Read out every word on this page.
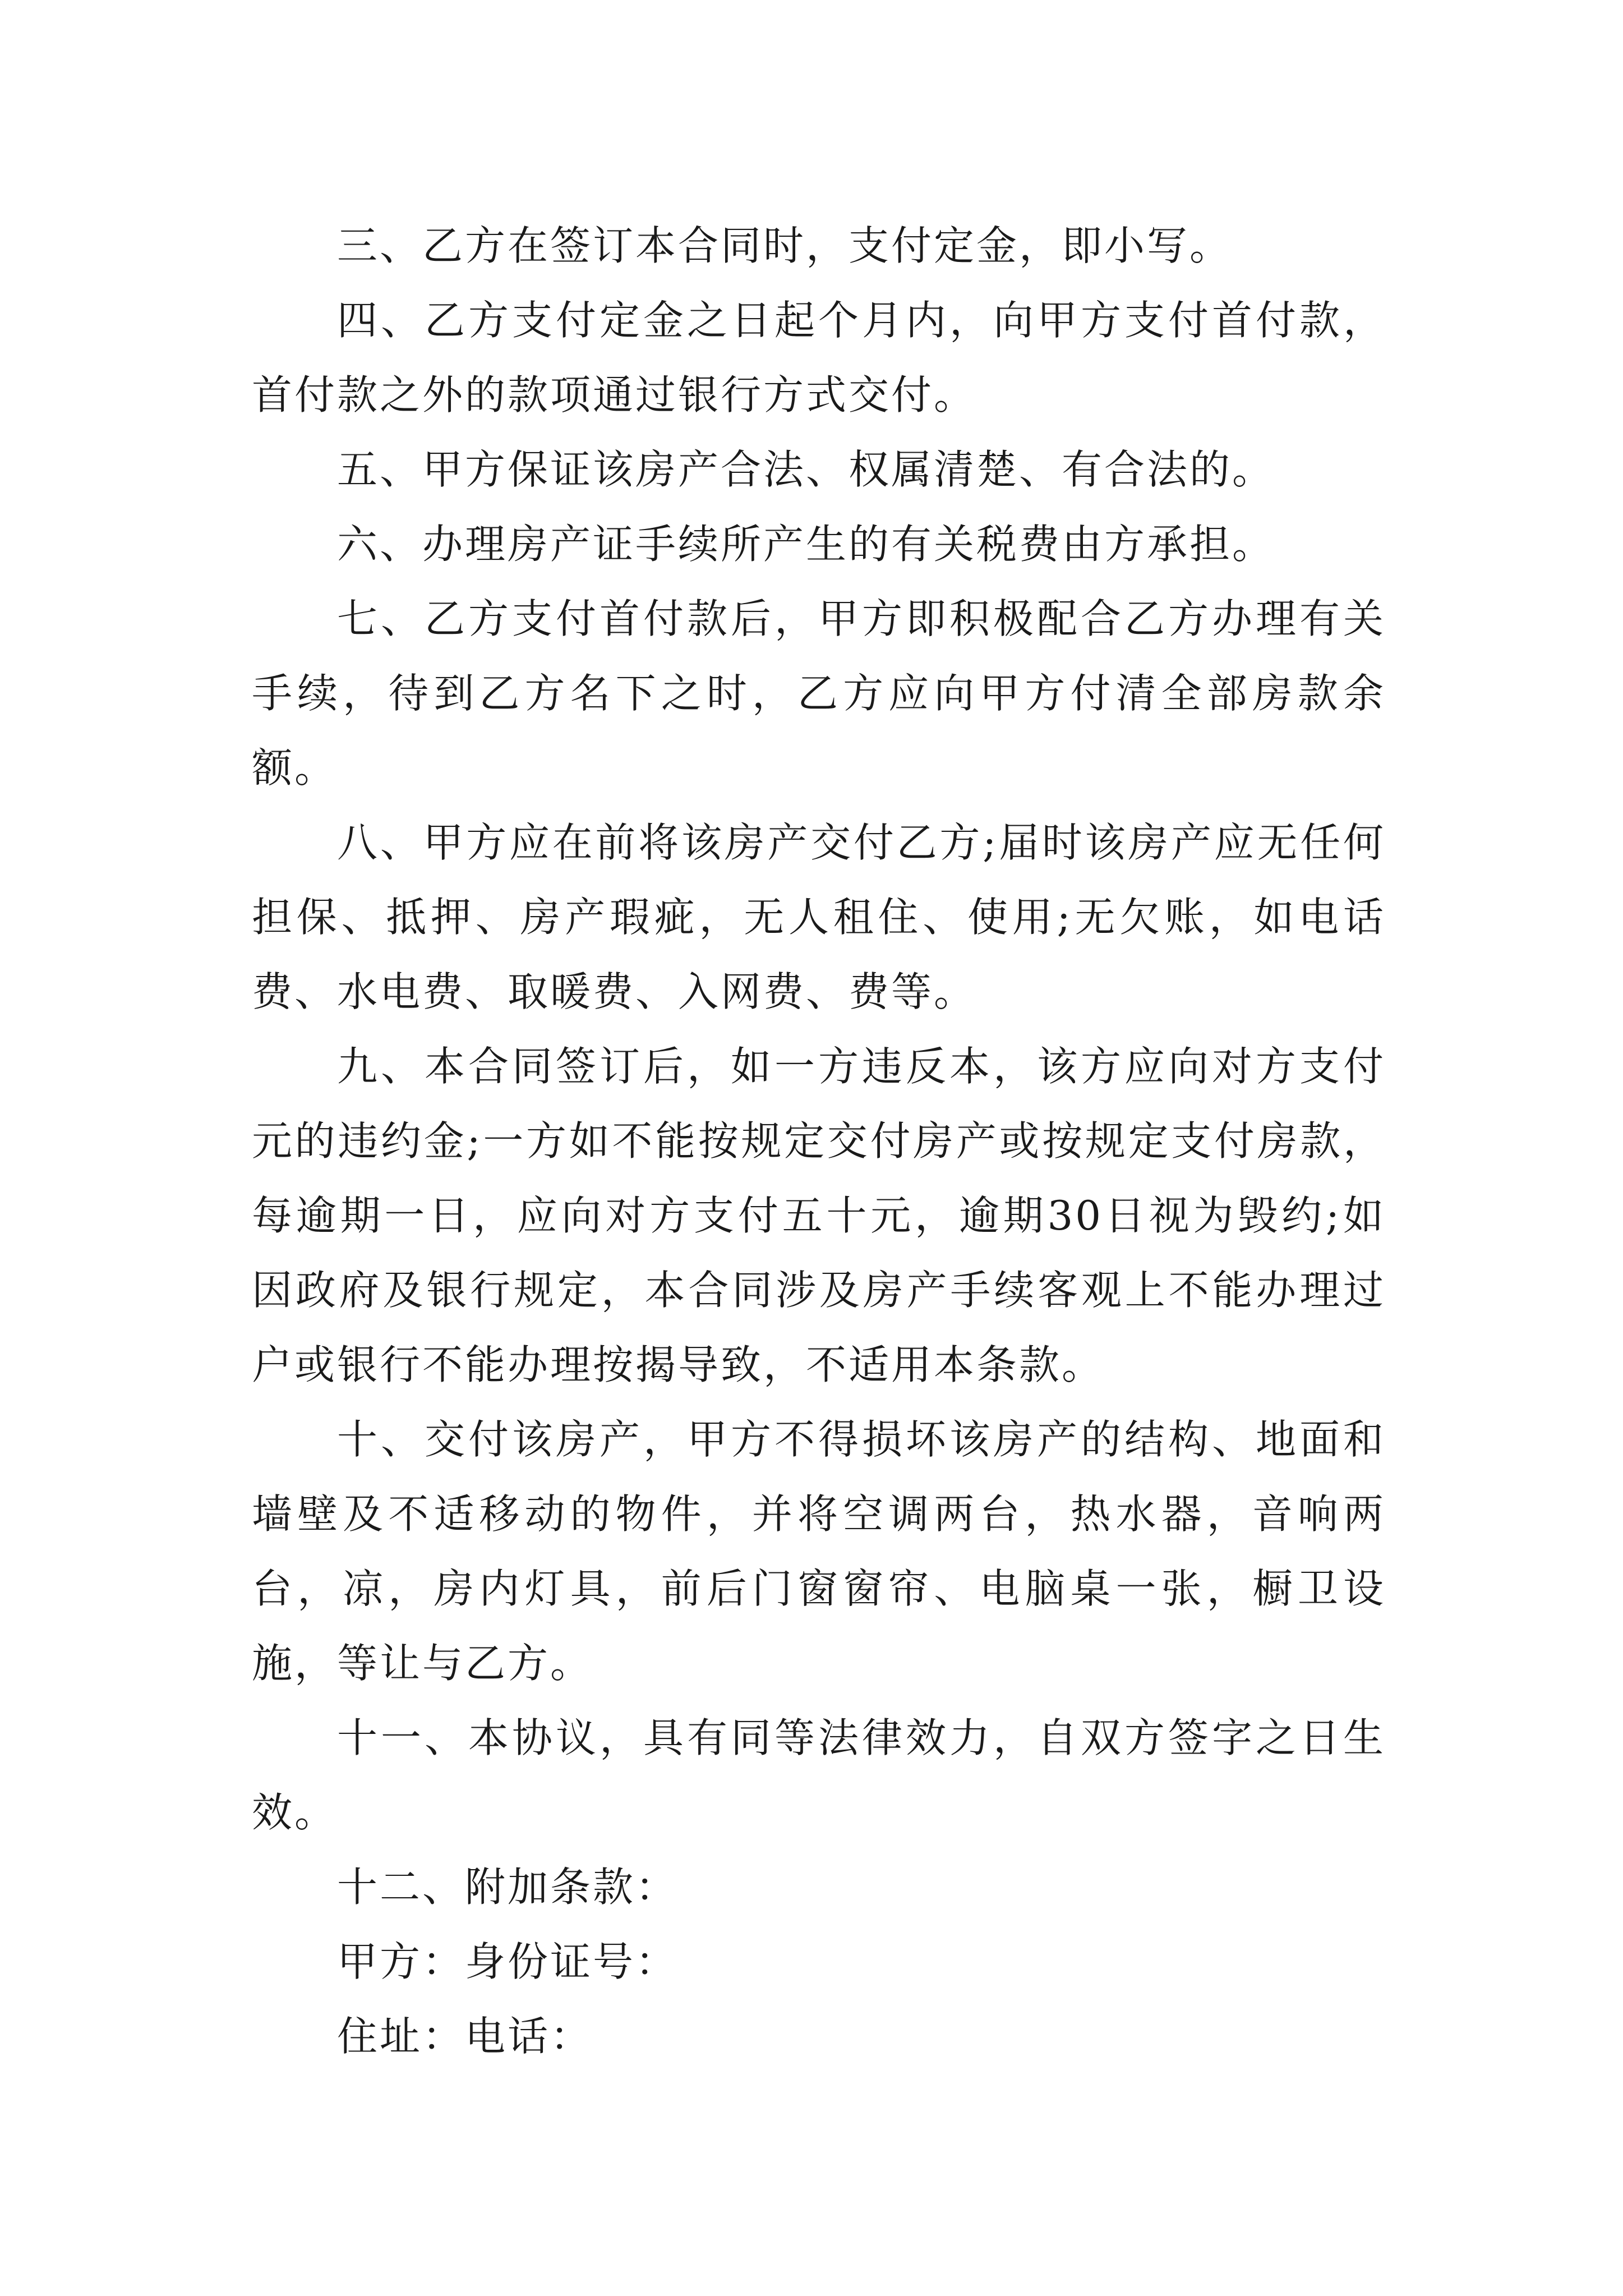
三、乙方在签订本合同时，支付定金，即小写。

四、乙方支付定金之日起个月内，向甲方支付首付款，首付款之外的款项通过银行方式交付。

五、甲方保证该房产合法、权属清楚、有合法的。

六、办理房产证手续所产生的有关税费由方承担。

七、乙方支付首付款后，甲方即积极配合乙方办理有关手续，待到乙方名下之时，乙方应向甲方付清全部房款余额。

八、甲方应在前将该房产交付乙方;届时该房产应无任何担保、抵押、房产瑕疵，无人租住、使用;无欠账，如电话费、水电费、取暖费、入网费、费等。

九、本合同签订后，如一方违反本，该方应向对方支付元的违约金;一方如不能按规定交付房产或按规定支付房款，每逾期一日，应向对方支付五十元，逾期30日视为毁约;如因政府及银行规定，本合同涉及房产手续客观上不能办理过户或银行不能办理按揭导致，不适用本条款。

十、交付该房产，甲方不得损坏该房产的结构、地面和墙壁及不适移动的物件，并将空调两台，热水器，音响两台，凉，房内灯具，前后门窗窗帘、电脑桌一张，橱卫设施，等让与乙方。

十一、本协议，具有同等法律效力，自双方签字之日生效。

十二、附加条款：

甲方：身份证号：

住址：电话：
